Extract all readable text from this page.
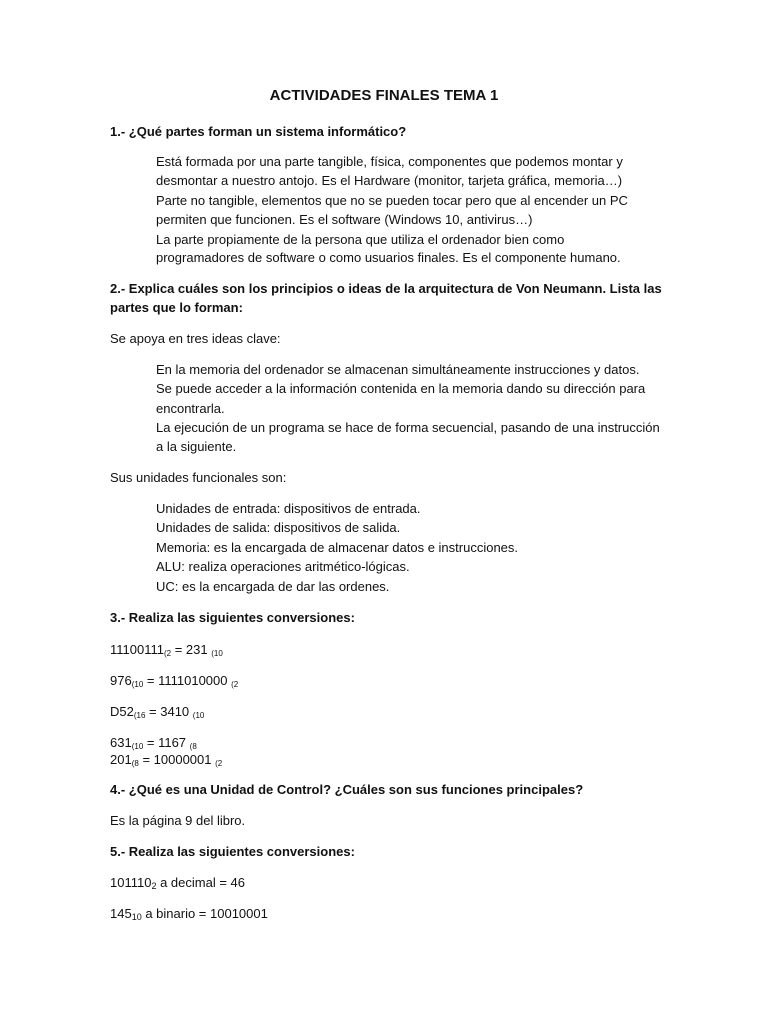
ACTIVIDADES FINALES TEMA 1
1.- ¿Qué partes forman un sistema informático?
Está formada por una parte tangible, física, componentes que podemos montar y
desmontar a nuestro antojo. Es el Hardware (monitor, tarjeta gráfica, memoria…)
Parte no tangible, elementos que no se pueden tocar pero que al encender un PC
permiten que funcionen. Es el software (Windows 10, antivirus…)
La parte propiamente de la persona que utiliza el ordenador bien como
programadores de software o como usuarios finales. Es el componente humano.
2.- Explica cuáles son los principios o ideas de la arquitectura de Von Neumann. Lista las
partes que lo forman:
Se apoya en tres ideas clave:
En la memoria del ordenador se almacenan simultáneamente instrucciones y datos.
Se puede acceder a la información contenida en la memoria dando su dirección para
encontrarla.
La ejecución de un programa se hace de forma secuencial, pasando de una instrucción
a la siguiente.
Sus unidades funcionales son:
Unidades de entrada: dispositivos de entrada.
Unidades de salida: dispositivos de salida.
Memoria: es la encargada de almacenar datos e instrucciones.
ALU: realiza operaciones aritmético-lógicas.
UC: es la encargada de dar las ordenes.
3.- Realiza las siguientes conversiones:
$11100111_{(2} = 231$ $_{(10}$
$976_{(10} = 1111010000$ $_{(2}$
$D52_{(16} = 3410$ $_{(10}$
$631_{(10} = 1167$ $_{(8}$
$201_{(8} = 10000001$ $_{(2}$
4.- ¿Qué es una Unidad de Control? ¿Cuáles son sus funciones principales?
Es la página 9 del libro.
5.- Realiza las siguientes conversiones:
$101110_2$ a decimal = 46
$145_{10}$ a binario = 10010001
